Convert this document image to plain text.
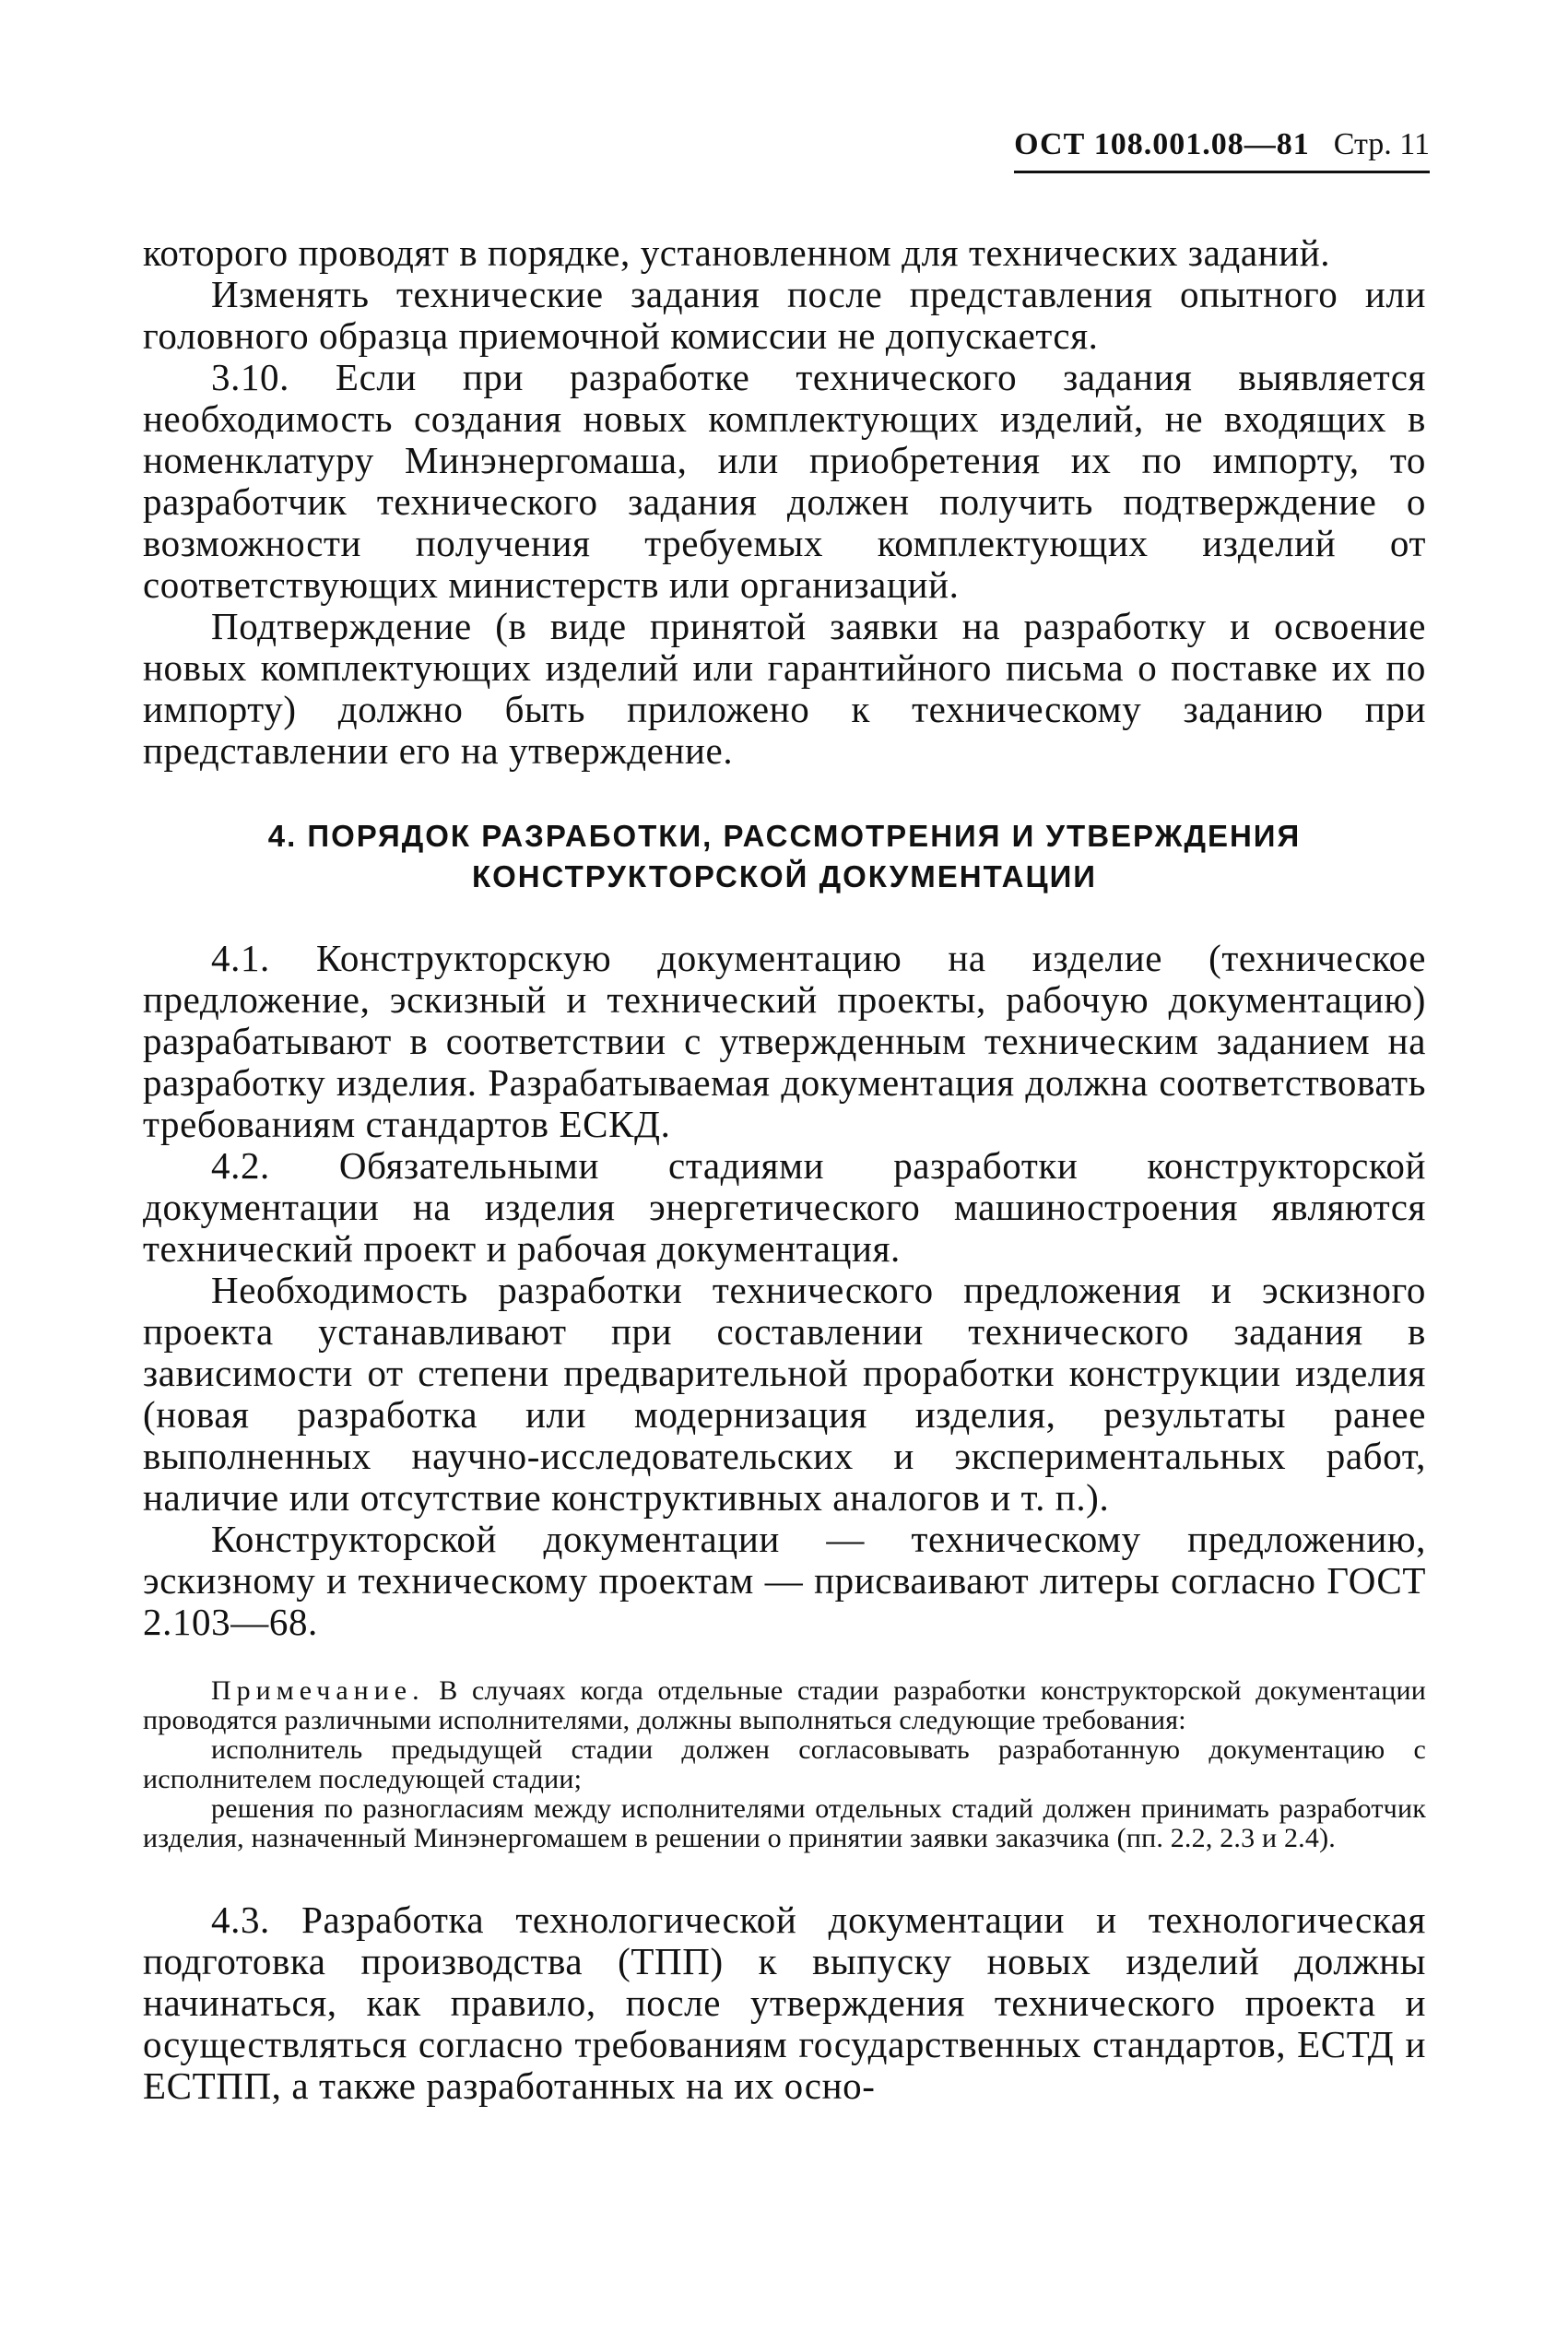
ОСТ 108.001.08—81 Стр. 11

которого проводят в порядке, установленном для технических заданий.

Изменять технические задания после представления опытного или головного образца приемочной комиссии не допускается.

3.10. Если при разработке технического задания выявляется необходимость создания новых комплектующих изделий, не входящих в номенклатуру Минэнергомаша, или приобретения их по импорту, то разработчик технического задания должен получить подтверждение о возможности получения требуемых комплектующих изделий от соответствующих министерств или организаций.

Подтверждение (в виде принятой заявки на разработку и освоение новых комплектующих изделий или гарантийного письма о поставке их по импорту) должно быть приложено к техническому заданию при представлении его на утверждение.

4. ПОРЯДОК РАЗРАБОТКИ, РАССМОТРЕНИЯ И УТВЕРЖДЕНИЯ
КОНСТРУКТОРСКОЙ ДОКУМЕНТАЦИИ

4.1. Конструкторскую документацию на изделие (техническое предложение, эскизный и технический проекты, рабочую документацию) разрабатывают в соответствии с утвержденным техническим заданием на разработку изделия. Разрабатываемая документация должна соответствовать требованиям стандартов ЕСКД.

4.2. Обязательными стадиями разработки конструкторской документации на изделия энергетического машиностроения являются технический проект и рабочая документация.

Необходимость разработки технического предложения и эскизного проекта устанавливают при составлении технического задания в зависимости от степени предварительной проработки конструкции изделия (новая разработка или модернизация изделия, результаты ранее выполненных научно-исследовательских и экспериментальных работ, наличие или отсутствие конструктивных аналогов и т. п.).

Конструкторской документации — техническому предложению, эскизному и техническому проектам — присваивают литеры согласно ГОСТ 2.103—68.

Примечание. В случаях когда отдельные стадии разработки конструкторской документации проводятся различными исполнителями, должны выполняться следующие требования:

исполнитель предыдущей стадии должен согласовывать разработанную документацию с исполнителем последующей стадии;

решения по разногласиям между исполнителями отдельных стадий должен принимать разработчик изделия, назначенный Минэнергомашем в решении о принятии заявки заказчика (пп. 2.2, 2.3 и 2.4).

4.3. Разработка технологической документации и технологическая подготовка производства (ТПП) к выпуску новых изделий должны начинаться, как правило, после утверждения технического проекта и осуществляться согласно требованиям государственных стандартов, ЕСТД и ЕСТПП, а также разработанных на их осно-
